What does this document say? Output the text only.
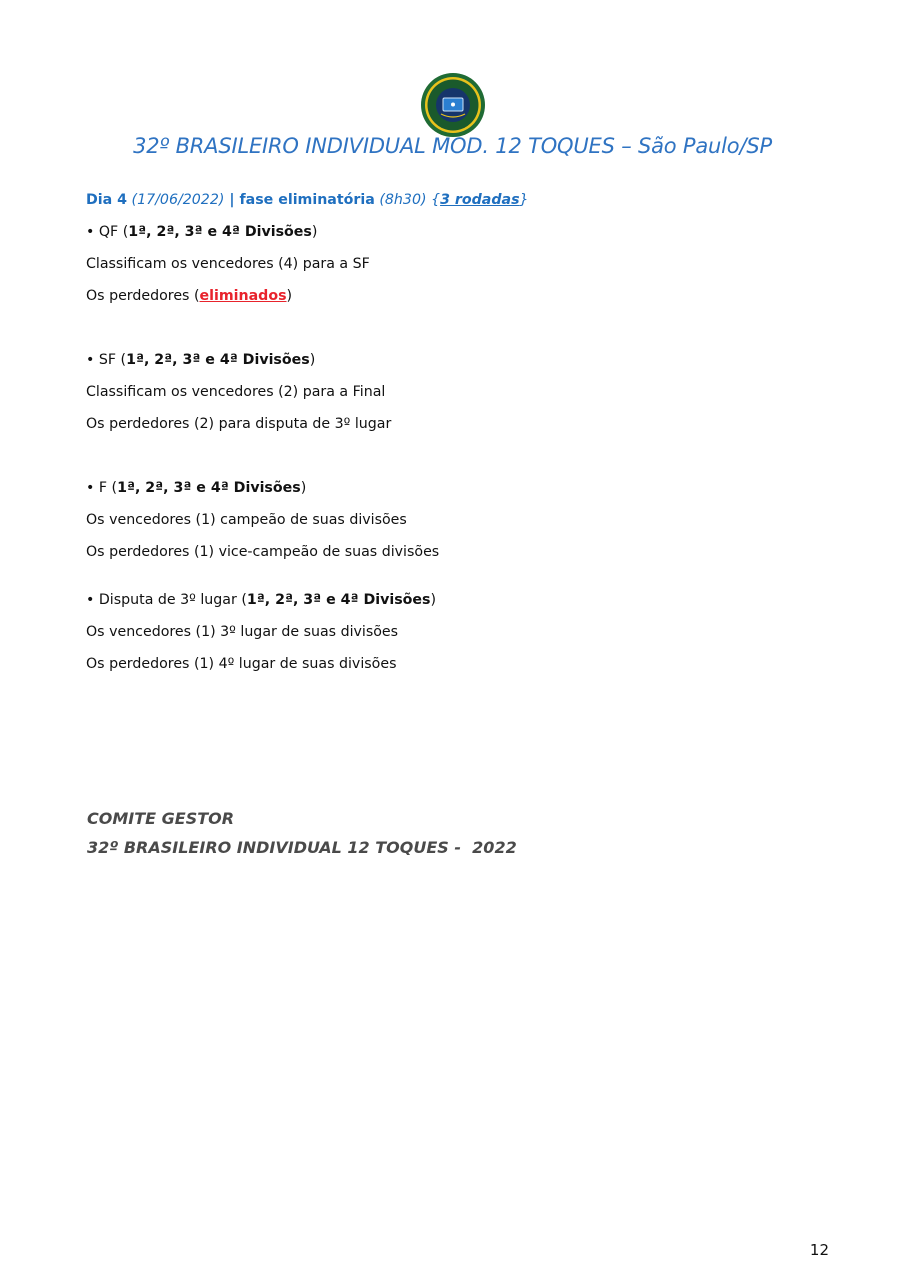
32º BRASILEIRO INDIVIDUAL MOD. 12 TOQUES – São Paulo/SP
Dia 4 (17/06/2022) | fase eliminatória (8h30) {3 rodadas}
• QF (1ª, 2ª, 3ª e 4ª Divisões)
Classificam os vencedores (4) para a SF
Os perdedores (eliminados)
• SF (1ª, 2ª, 3ª e 4ª Divisões)
Classificam os vencedores (2) para a Final
Os perdedores (2) para disputa de 3º lugar
• F (1ª, 2ª, 3ª e 4ª Divisões)
Os vencedores (1) campeão de suas divisões
Os perdedores (1) vice-campeão de suas divisões
• Disputa de 3º lugar (1ª, 2ª, 3ª e 4ª Divisões)
Os vencedores (1) 3º lugar de suas divisões
Os perdedores (1) 4º lugar de suas divisões
COMITE GESTOR
32º BRASILEIRO INDIVIDUAL 12 TOQUES -  2022
12
